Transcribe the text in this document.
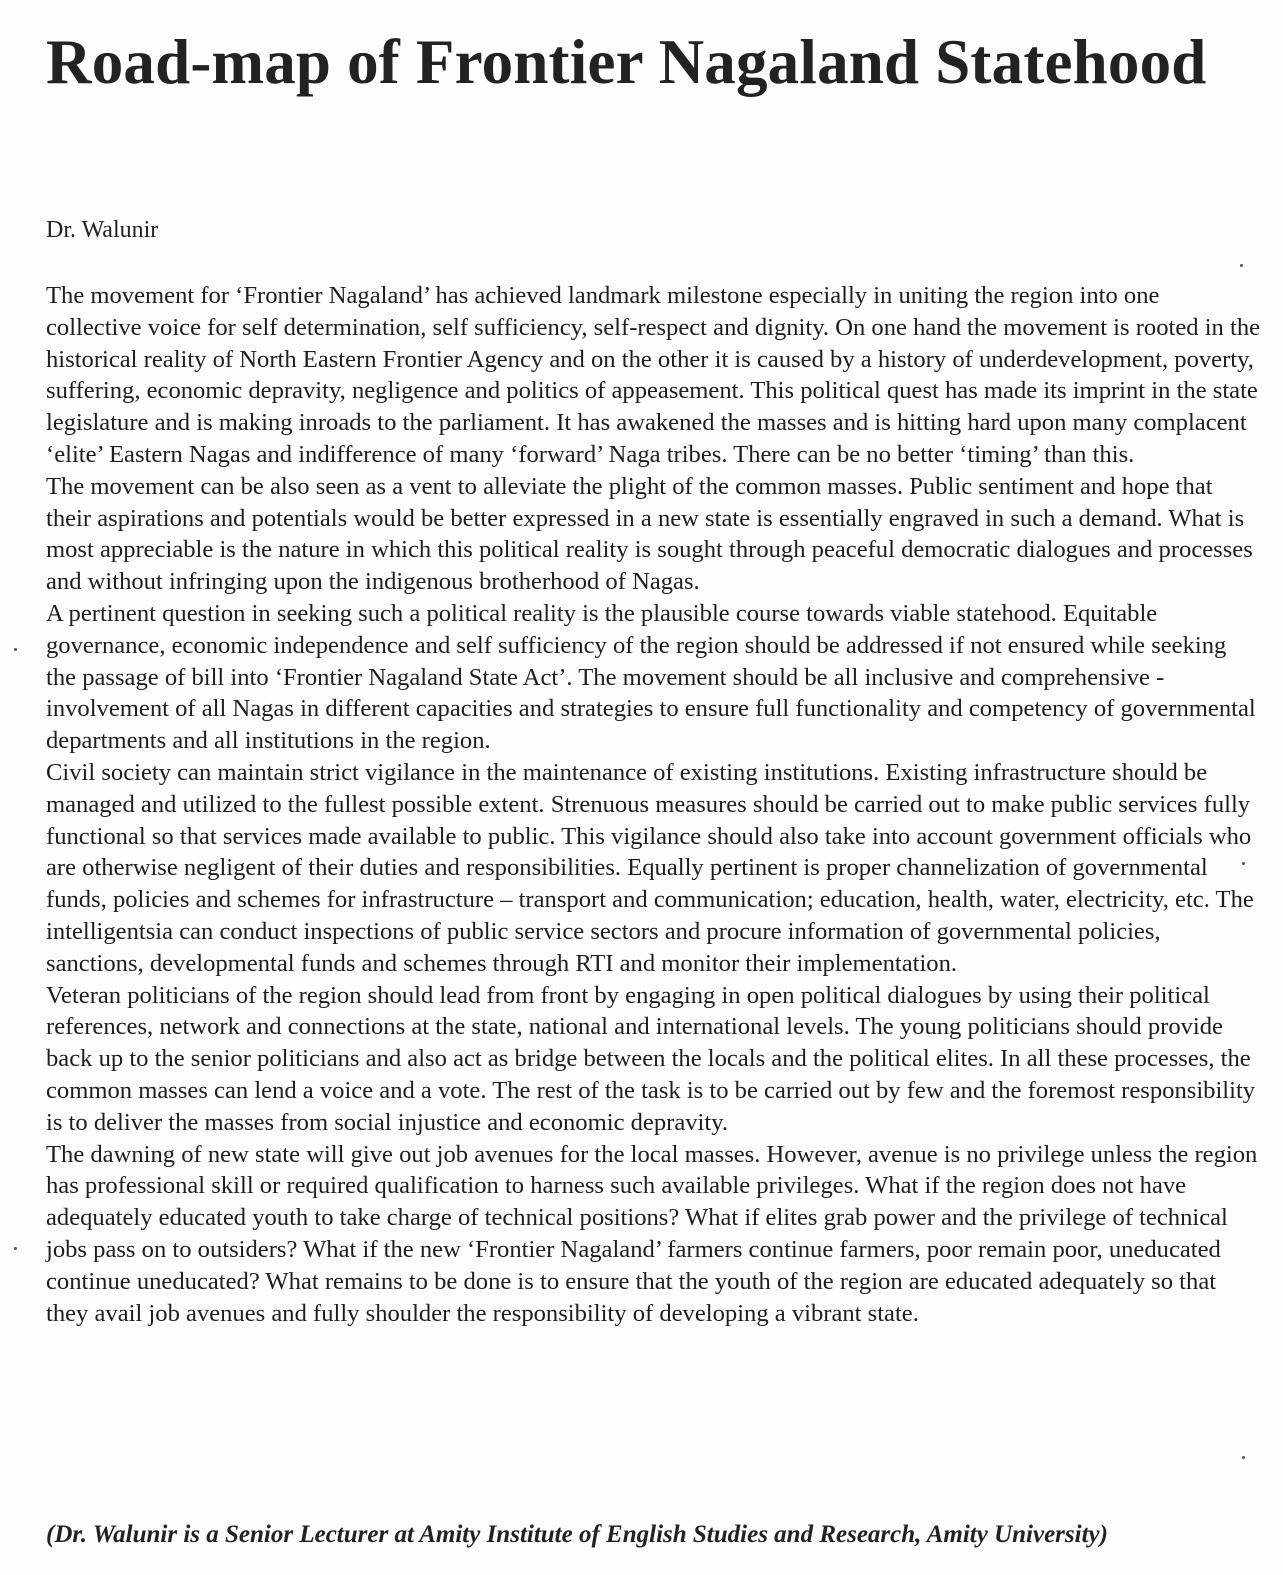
Road-map of Frontier Nagaland Statehood

Dr. Walunir

The movement for ‘Frontier Nagaland’ has achieved landmark milestone especially in uniting the region into one collective voice for self determination, self sufficiency, self-respect and dignity. On one hand the movement is rooted in the historical reality of North Eastern Frontier Agency and on the other it is caused by a history of underdevelopment, poverty, suffering, economic depravity, negligence and politics of appeasement. This political quest has made its imprint in the state legislature and is making inroads to the parliament. It has awakened the masses and is hitting hard upon many complacent ‘elite’ Eastern Nagas and indifference of many ‘forward’ Naga tribes. There can be no better ‘timing’ than this.

The movement can be also seen as a vent to alleviate the plight of the common masses. Public sentiment and hope that their aspirations and potentials would be better expressed in a new state is essentially engraved in such a demand. What is most appreciable is the nature in which this political reality is sought through peaceful democratic dialogues and processes and without infringing upon the indigenous brotherhood of Nagas.

A pertinent question in seeking such a political reality is the plausible course towards viable statehood. Equitable governance, economic independence and self sufficiency of the region should be addressed if not ensured while seeking the passage of bill into ‘Frontier Nagaland State Act’. The movement should be all inclusive and comprehensive - involvement of all Nagas in different capacities and strategies to ensure full functionality and competency of governmental departments and all institutions in the region.

Civil society can maintain strict vigilance in the maintenance of existing institutions. Existing infrastructure should be managed and utilized to the fullest possible extent. Strenuous measures should be carried out to make public services fully functional so that services made available to public. This vigilance should also take into account government officials who are otherwise negligent of their duties and responsibilities. Equally pertinent is proper channelization of governmental funds, policies and schemes for infrastructure – transport and communication; education, health, water, electricity, etc. The intelligentsia can conduct inspections of public service sectors and procure information of governmental policies, sanctions, developmental funds and schemes through RTI and monitor their implementation.

Veteran politicians of the region should lead from front by engaging in open political dialogues by using their political references, network and connections at the state, national and international levels. The young politicians should provide back up to the senior politicians and also act as bridge between the locals and the political elites. In all these processes, the common masses can lend a voice and a vote. The rest of the task is to be carried out by few and the foremost responsibility is to deliver the masses from social injustice and economic depravity.

The dawning of new state will give out job avenues for the local masses. However, avenue is no privilege unless the region has professional skill or required qualification to harness such available privileges. What if the region does not have adequately educated youth to take charge of technical positions? What if elites grab power and the privilege of technical jobs pass on to outsiders? What if the new ‘Frontier Nagaland’ farmers continue farmers, poor remain poor, uneducated continue uneducated? What remains to be done is to ensure that the youth of the region are educated adequately so that they avail job avenues and fully shoulder the responsibility of developing a vibrant state.

(Dr. Walunir is a Senior Lecturer at Amity Institute of English Studies and Research, Amity University)
